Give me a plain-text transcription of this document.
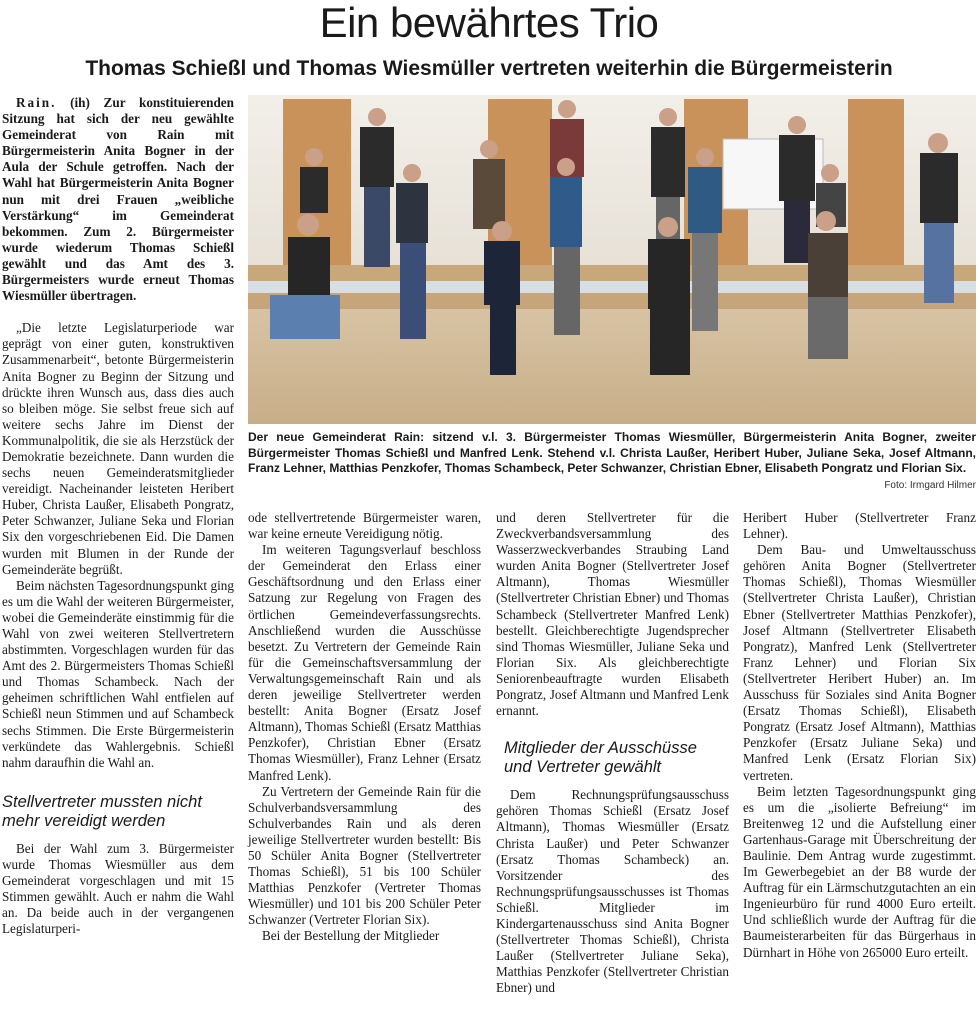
Ein bewährtes Trio
Thomas Schießl und Thomas Wiesmüller vertreten weiterhin die Bürgermeisterin

Rain. (ih) Zur konstituierenden Sitzung hat sich der neu gewählte Gemeinderat von Rain mit Bürgermeisterin Anita Bogner in der Aula der Schule getroffen. Nach der Wahl hat Bürgermeisterin Anita Bogner nun mit drei Frauen „weibliche Verstärkung“ im Gemeinderat bekommen. Zum 2. Bürgermeister wurde wiederum Thomas Schießl gewählt und das Amt des 3. Bürgermeisters wurde erneut Thomas Wiesmüller übertragen.

„Die letzte Legislaturperiode war geprägt von einer guten, konstruktiven Zusammenarbeit“, betonte Bürgermeisterin Anita Bogner zu Beginn der Sitzung und drückte ihren Wunsch aus, dass dies auch so bleiben möge. Sie selbst freue sich auf weitere sechs Jahre im Dienst der Kommunalpolitik, die sie als Herzstück der Demokratie bezeichnete. Dann wurden die sechs neuen Gemeinderatsmitglieder vereidigt. Nacheinander leisteten Heribert Huber, Christa Laußer, Elisabeth Pongratz, Peter Schwanzer, Juliane Seka und Florian Six den vorgeschriebenen Eid. Die Damen wurden mit Blumen in der Runde der Gemeinderäte begrüßt.

Beim nächsten Tagesordnungspunkt ging es um die Wahl der weiteren Bürgermeister, wobei die Gemeinderäte einstimmig für die Wahl von zwei weiteren Stellvertretern abstimmten. Vorgeschlagen wurden für das Amt des 2. Bürgermeisters Thomas Schießl und Thomas Schambeck. Nach der geheimen schriftlichen Wahl entfielen auf Schießl neun Stimmen und auf Schambeck sechs Stimmen. Die Erste Bürgermeisterin verkündete das Wahlergebnis. Schießl nahm daraufhin die Wahl an.

Stellvertreter mussten nicht mehr vereidigt werden

Bei der Wahl zum 3. Bürgermeister wurde Thomas Wiesmüller aus dem Gemeinderat vorgeschlagen und mit 15 Stimmen gewählt. Auch er nahm die Wahl an. Da beide auch in der vergangenen Legislaturperi-

Der neue Gemeinderat Rain: sitzend v.l. 3. Bürgermeister Thomas Wiesmüller, Bürgermeisterin Anita Bogner, zweiter Bürgermeister Thomas Schießl und Manfred Lenk. Stehend v.l. Christa Laußer, Heribert Huber, Juliane Seka, Josef Altmann, Franz Lehner, Matthias Penzkofer, Thomas Schambeck, Peter Schwanzer, Christian Ebner, Elisabeth Pongratz und Florian Six.
Foto: Irmgard Hilmer

ode stellvertretende Bürgermeister waren, war keine erneute Vereidigung nötig.

Im weiteren Tagungsverlauf beschloss der Gemeinderat den Erlass einer Geschäftsordnung und den Erlass einer Satzung zur Regelung von Fragen des örtlichen Gemeindeverfassungsrechts. Anschließend wurden die Ausschüsse besetzt. Zu Vertretern der Gemeinde Rain für die Gemeinschaftsversammlung der Verwaltungsgemeinschaft Rain und als deren jeweilige Stellvertreter werden bestellt: Anita Bogner (Ersatz Josef Altmann), Thomas Schießl (Ersatz Matthias Penzkofer), Christian Ebner (Ersatz Thomas Wiesmüller), Franz Lehner (Ersatz Manfred Lenk).

Zu Vertretern der Gemeinde Rain für die Schulverbandsversammlung des Schulverbandes Rain und als deren jeweilige Stellvertreter wurden bestellt: Bis 50 Schüler Anita Bogner (Stellvertreter Thomas Schießl), 51 bis 100 Schüler Matthias Penzkofer (Vertreter Thomas Wiesmüller) und 101 bis 200 Schüler Peter Schwanzer (Vertreter Florian Six).

Bei der Bestellung der Mitglieder

und deren Stellvertreter für die Zweckverbandsversammlung des Wasserzweckverbandes Straubing Land wurden Anita Bogner (Stellvertreter Josef Altmann), Thomas Wiesmüller (Stellvertreter Christian Ebner) und Thomas Schambeck (Stellvertreter Manfred Lenk) bestellt. Gleichberechtigte Jugendsprecher sind Thomas Wiesmüller, Juliane Seka und Florian Six. Als gleichberechtigte Seniorenbeauftragte wurden Elisabeth Pongratz, Josef Altmann und Manfred Lenk ernannt.

Mitglieder der Ausschüsse und Vertreter gewählt

Dem Rechnungsprüfungsausschuss gehören Thomas Schießl (Ersatz Josef Altmann), Thomas Wiesmüller (Ersatz Christa Laußer) und Peter Schwanzer (Ersatz Thomas Schambeck) an. Vorsitzender des Rechnungsprüfungsausschusses ist Thomas Schießl. Mitglieder im Kindergartenausschuss sind Anita Bogner (Stellvertreter Thomas Schießl), Christa Laußer (Stellvertreter Juliane Seka), Matthias Penzkofer (Stellvertreter Christian Ebner) und

Heribert Huber (Stellvertreter Franz Lehner).

Dem Bau- und Umweltausschuss gehören Anita Bogner (Stellvertreter Thomas Schießl), Thomas Wiesmüller (Stellvertreter Christa Laußer), Christian Ebner (Stellvertreter Matthias Penzkofer), Josef Altmann (Stellvertreter Elisabeth Pongratz), Manfred Lenk (Stellvertreter Franz Lehner) und Florian Six (Stellvertreter Heribert Huber) an. Im Ausschuss für Soziales sind Anita Bogner (Ersatz Thomas Schießl), Elisabeth Pongratz (Ersatz Josef Altmann), Matthias Penzkofer (Ersatz Juliane Seka) und Manfred Lenk (Ersatz Florian Six) vertreten.

Beim letzten Tagesordnungspunkt ging es um die „isolierte Befreiung“ im Breitenweg 12 und die Aufstellung einer Gartenhaus-Garage mit Überschreitung der Baulinie. Dem Antrag wurde zugestimmt. Im Gewerbegebiet an der B8 wurde der Auftrag für ein Lärmschutzgutachten an ein Ingenieurbüro für rund 4000 Euro erteilt. Und schließlich wurde der Auftrag für die Baumeisterarbeiten für das Bürgerhaus in Dürnhart in Höhe von 265000 Euro erteilt.
